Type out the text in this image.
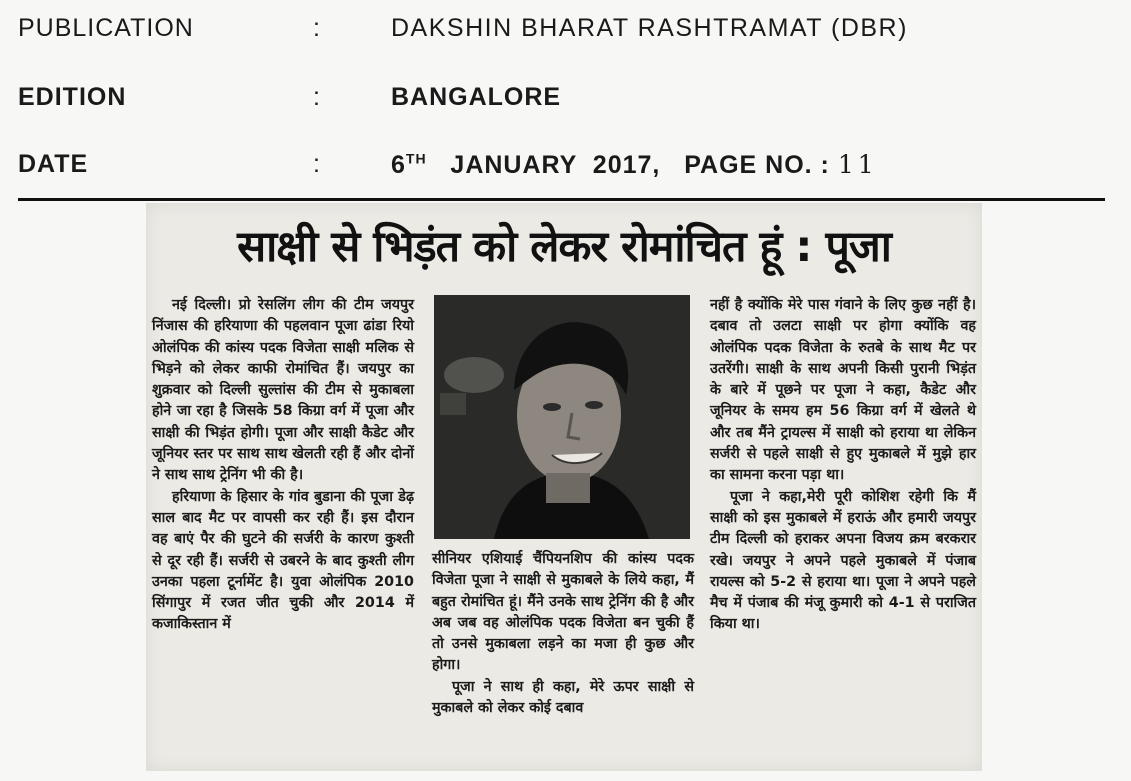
PUBLICATION	:	DAKSHIN BHARAT RASHTRAMAT (DBR)
EDITION	:	BANGALORE
DATE	:	6TH JANUARY  2017, PAGE NO. : 11
साक्षी से भिड़ंत को लेकर रोमांचित हूं : पूजा

नई दिल्ली। प्रो रेसलिंग लीग की टीम जयपुर निंजास की हरियाणा की पहलवान पूजा ढांडा रियो ओलंपिक की कांस्य पदक विजेता साक्षी मलिक से भिड़ने को लेकर काफी रोमांचित हैं। जयपुर का शुक्रवार को दिल्ली सुल्तांस की टीम से मुकाबला होने जा रहा है जिसके 58 किग्रा वर्ग में पूजा और साक्षी की भिड़ंत होगी। पूजा और साक्षी कैडेट और जूनियर स्तर पर साथ साथ खेलती रही हैं और दोनों ने साथ साथ ट्रेनिंग भी की है।

हरियाणा के हिसार के गांव बुडाना की पूजा डेढ़ साल बाद मैट पर वापसी कर रही हैं। इस दौरान वह बाएं पैर की घुटने की सर्जरी के कारण कुश्ती से दूर रही हैं। सर्जरी से उबरने के बाद कुश्ती लीग उनका पहला टूर्नामेंट है। युवा ओलंपिक 2010 सिंगापुर में रजत जीत चुकी और 2014 में कजाकिस्तान में

सीनियर एशियाई चैंपियनशिप की कांस्य पदक विजेता पूजा ने साक्षी से मुकाबले के लिये कहा, मैं बहुत रोमांचित हूं। मैंने उनके साथ ट्रेनिंग की है और अब जब वह ओलंपिक पदक विजेता बन चुकी हैं तो उनसे मुकाबला लड़ने का मजा ही कुछ और होगा।

पूजा ने साथ ही कहा, मेरे ऊपर साक्षी से मुकाबले को लेकर कोई दबाव

नहीं है क्योंकि मेरे पास गंवाने के लिए कुछ नहीं है। दबाव तो उलटा साक्षी पर होगा क्योंकि वह ओलंपिक पदक विजेता के रुतबे के साथ मैट पर उतरेंगी। साक्षी के साथ अपनी किसी पुरानी भिड़ंत के बारे में पूछने पर पूजा ने कहा, कैडेट और जूनियर के समय हम 56 किग्रा वर्ग में खेलते थे और तब मैंने ट्रायल्स में साक्षी को हराया था लेकिन सर्जरी से पहले साक्षी से हुए मुकाबले में मुझे हार का सामना करना पड़ा था।

पूजा ने कहा,मेरी पूरी कोशिश रहेगी कि मैं साक्षी को इस मुकाबले में हराऊं और हमारी जयपुर टीम दिल्ली को हराकर अपना विजय क्रम बरकरार रखे। जयपुर ने अपने पहले मुकाबले में पंजाब रायल्स को 5-2 से हराया था। पूजा ने अपने पहले मैच में पंजाब की मंजू कुमारी को 4-1 से पराजित किया था।
